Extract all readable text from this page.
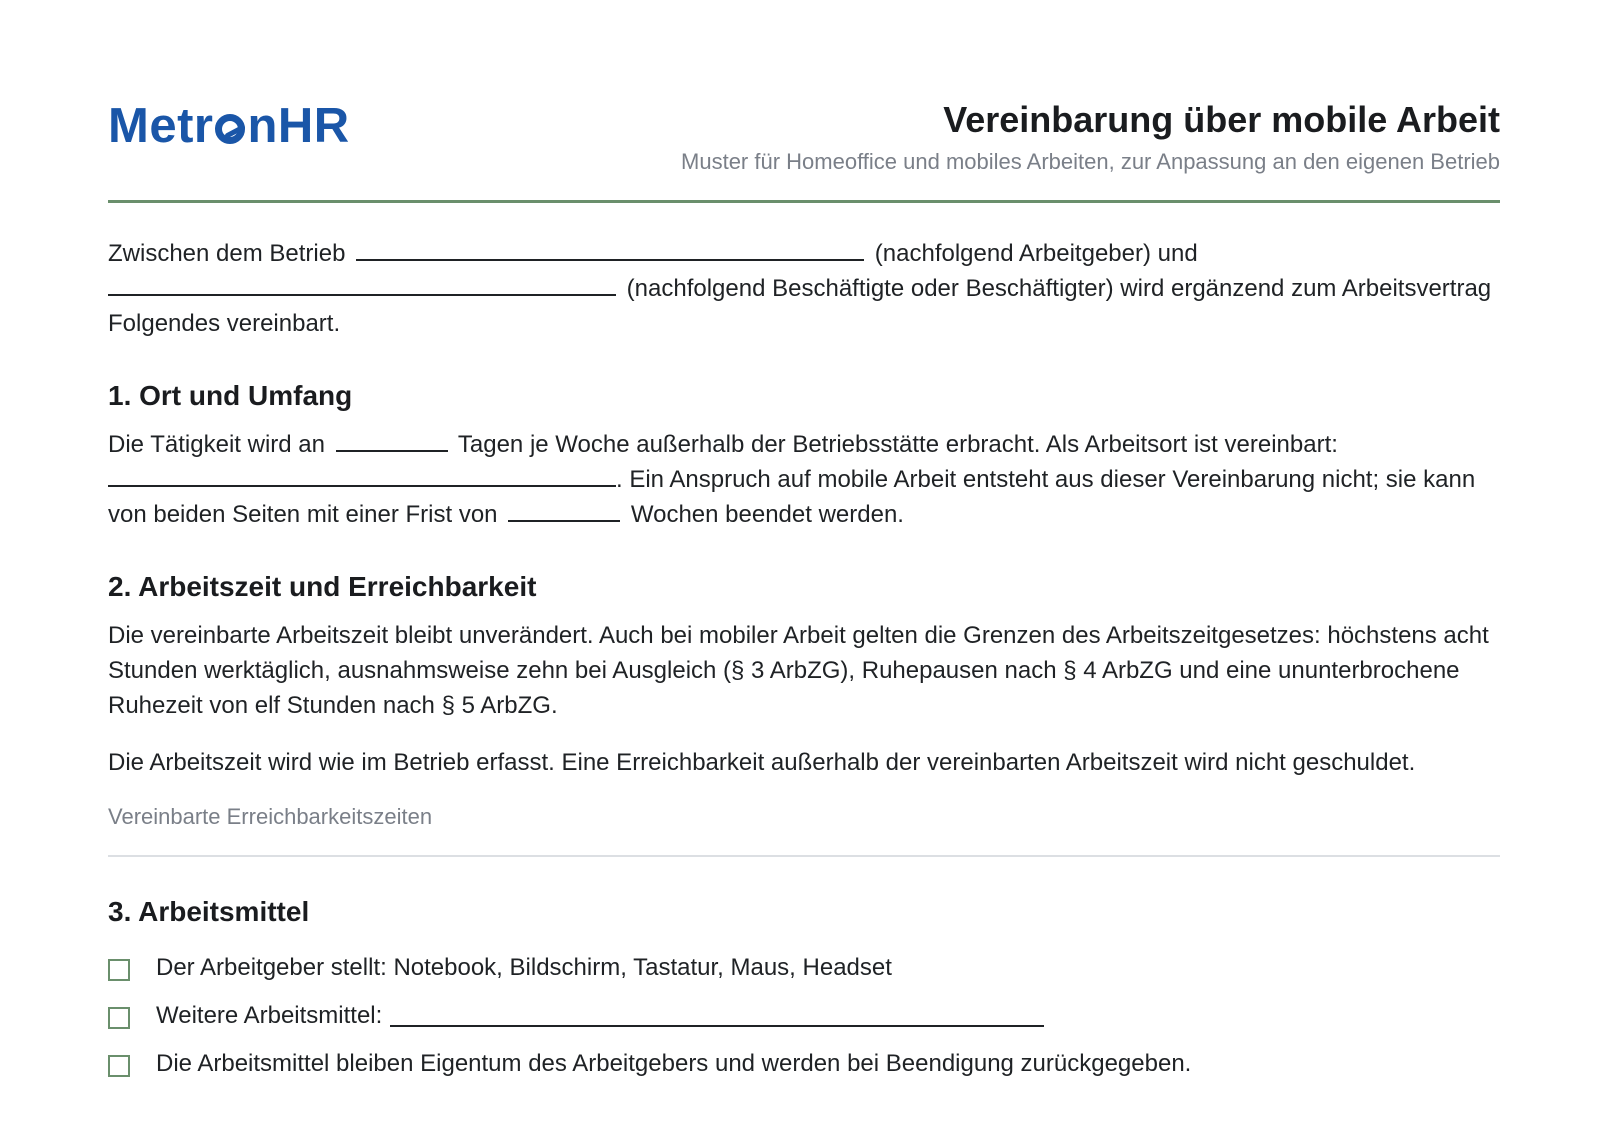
Metr nHR	Vereinbarung über mobile Arbeit
Muster für Homeoffice und mobiles Arbeiten, zur Anpassung an den eigenen Betrieb

Zwischen dem Betrieb	(nachfolgend Arbeitgeber) und  (nachfolgend Beschäftigte oder Beschäftigter) wird ergänzend zum Arbeitsvertrag Folgendes vereinbart.

1. Ort und Umfang

Die Tätigkeit wird an	Tagen je Woche außerhalb der Betriebsstätte erbracht. Als Arbeitsort ist vereinbart: . Ein Anspruch auf mobile Arbeit entsteht aus dieser Vereinbarung nicht; sie kann von beiden Seiten mit einer Frist von	Wochen beendet werden.

2. Arbeitszeit und Erreichbarkeit

Die vereinbarte Arbeitszeit bleibt unverändert. Auch bei mobiler Arbeit gelten die Grenzen des Arbeitszeitgesetzes: höchstens acht Stunden werktäglich, ausnahmsweise zehn bei Ausgleich (§ 3 ArbZG), Ruhepausen nach § 4 ArbZG und eine ununterbrochene Ruhezeit von elf Stunden nach § 5 ArbZG.

Die Arbeitszeit wird wie im Betrieb erfasst. Eine Erreichbarkeit außerhalb der vereinbarten Arbeitszeit wird nicht geschuldet.

Vereinbarte Erreichbarkeitszeiten
3. Arbeitsmittel
Der Arbeitgeber stellt: Notebook, Bildschirm, Tastatur, Maus, Headset
Weitere Arbeitsmittel:
Die Arbeitsmittel bleiben Eigentum des Arbeitgebers und werden bei Beendigung zurückgegeben.
